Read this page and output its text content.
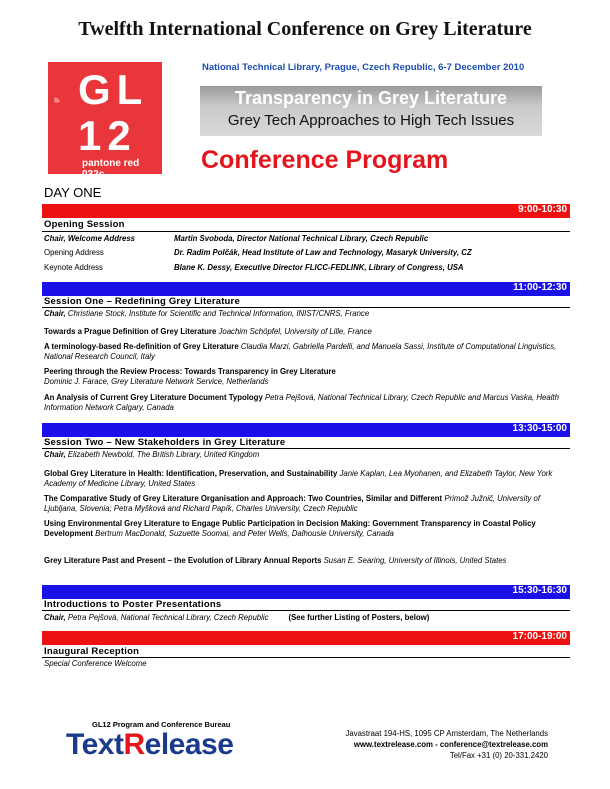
Twelfth International Conference on Grey Literature
gl GL
12
pantone red 032c
National Technical Library, Prague, Czech Republic, 6-7 December 2010
Transparency in Grey Literature
Grey Tech Approaches to High Tech Issues
Conference Program
DAY ONE
9:00-10:30
Opening Session
Chair, Welcome Address	Martin Svoboda, Director National Technical Library, Czech Republic
Opening Address	Dr. Radim Polčák, Head Institute of Law and Technology, Masaryk University, CZ
Keynote Address	Blane K. Dessy, Executive Director FLICC-FEDLINK, Library of Congress, USA
11:00-12:30
Session One – Redefining Grey Literature
Chair, Christiane Stock, Institute for Scientific and Technical Information, INIST/CNRS, France
Towards a Prague Definition of Grey Literature Joachim Schöpfel, University of Lille, France
A terminology-based Re-definition of Grey Literature Claudia Marzi, Gabriella Pardelli, and Manuela Sassi, Institute of Computational Linguistics, National Research Council, Italy
Peering through the Review Process: Towards Transparency in Grey Literature
Dominic J. Farace, Grey Literature Network Service, Netherlands
An Analysis of Current Grey Literature Document Typology Petra Pejšová, National Technical Library, Czech Republic and Marcus Vaska, Health Information Network Calgary, Canada
13:30-15:00
Session Two – New Stakeholders in Grey Literature
Chair, Elizabeth Newbold, The British Library, United Kingdom
Global Grey Literature in Health: Identification, Preservation, and Sustainability Janie Kaplan, Lea Myohanen, and Elizabeth Taylor, New York Academy of Medicine Library, United States
The Comparative Study of Grey Literature Organisation and Approach: Two Countries, Similar and Different Primož Južnič, University of Ljubljana, Slovenia; Petra Myšková and Richard Papík, Charles University, Czech Republic
Using Environmental Grey Literature to Engage Public Participation in Decision Making: Government Transparency in Coastal Policy Development Bertrum MacDonald, Suzuette Soomai, and Peter Wells, Dalhousie University, Canada
Grey Literature Past and Present – the Evolution of Library Annual Reports Susan E. Searing, University of Illinois, United States
15:30-16:30
Introductions to Poster Presentations
Chair, Petra Pejšová, National Technical Library, Czech Republic	(See further Listing of Posters, below)
17:00-19:00
Inaugural Reception
Special Conference Welcome
GL12 Program and Conference Bureau
TextRelease	Javastraat 194-HS, 1095 CP Amsterdam, The Netherlands
www.textrelease.com - conference@textrelease.com
Tel/Fax +31 (0) 20-331.2420
